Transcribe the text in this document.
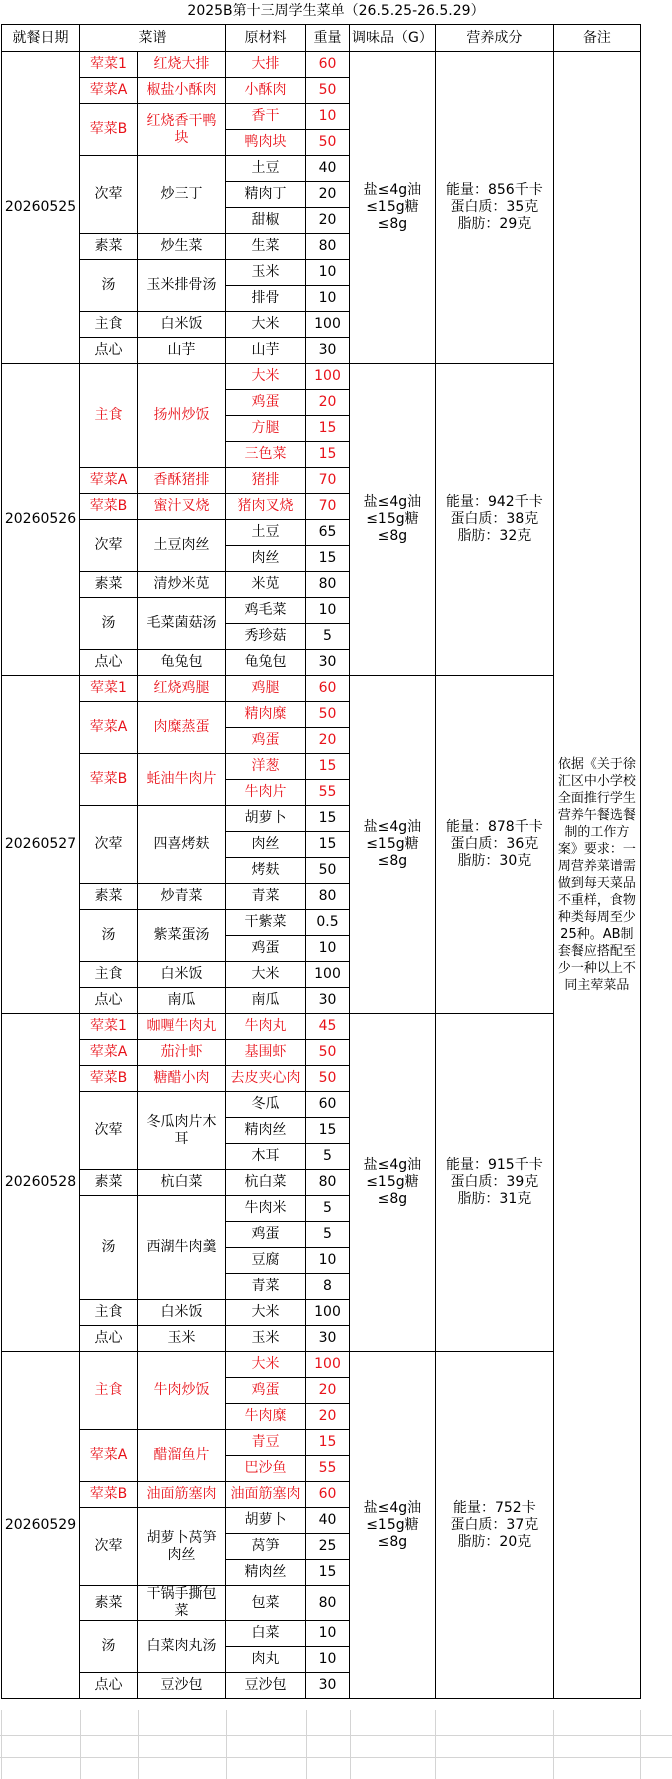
2025B第十三周学生菜单（26.5.25-26.5.29）
就餐日期	菜谱		原材料	重量	调味品（G）	营养成分	备注
20260525	荤菜1	红烧大排	大排	60	盐≤4g油≤15g糖≤8g	能量：856千卡
蛋白质：35克
脂肪：29克	依据《关于徐汇区中小学校全面推行学生营养午餐选餐制的工作方案》要求：一周营养菜谱需做到每天菜品不重样，食物种类每周至少25种。AB制套餐应搭配至少一种以上不同主荤菜品
	荤菜A	椒盐小酥肉	小酥肉	50			
	荤菜B	红烧香干鸭块	香干	10			
			鸭肉块	50			
	次荤	炒三丁	土豆	40			
			精肉丁	20			
			甜椒	20			
	素菜	炒生菜	生菜	80			
	汤	玉米排骨汤	玉米	10			
			排骨	10			
	主食	白米饭	大米	100			
	点心	山芋	山芋	30			
20260526	主食	扬州炒饭	大米	100	盐≤4g油≤15g糖≤8g	能量：942千卡
蛋白质：38克
脂肪：32克	

			鸡蛋	20			
			方腿	15			
			三色菜	15			
	荤菜A	香酥猪排	猪排	70			
	荤菜B	蜜汁叉烧	猪肉叉烧	70			
	次荤	土豆肉丝	土豆	65			
			肉丝	15			
	素菜	清炒米苋	米苋	80			
	汤	毛菜菌菇汤	鸡毛菜	10			
			秀珍菇	5			
	点心	龟兔包	龟兔包	30			
20260527	荤菜1	红烧鸡腿	鸡腿	60	盐≤4g油≤15g糖≤8g	能量：878千卡
蛋白质：36克
脂肪：30克	

	荤菜A	肉糜蒸蛋	精肉糜	50			
			鸡蛋	20			
	荤菜B	蚝油牛肉片	洋葱	15			
			牛肉片	55			
	次荤	四喜烤麸	胡萝卜	15			
			肉丝	15			
			烤麸	50			
	素菜	炒青菜	青菜	80			
	汤	紫菜蛋汤	干紫菜	0.5			
			鸡蛋	10			
	主食	白米饭	大米	100			
	点心	南瓜	南瓜	30			
20260528	荤菜1	咖喱牛肉丸	牛肉丸	45	盐≤4g油≤15g糖≤8g	能量：915千卡
蛋白质：39克
脂肪：31克	

	荤菜A	茄汁虾	基围虾	50			
	荤菜B	糖醋小肉	去皮夹心肉	50			
	次荤	冬瓜肉片木耳	冬瓜	60			
			精肉丝	15			
			木耳	5			
	素菜	杭白菜	杭白菜	80			
	汤	西湖牛肉羹	牛肉米	5			
			鸡蛋	5			
			豆腐	10			
			青菜	8			
	主食	白米饭	大米	100			
	点心	玉米	玉米	30			
20260529	主食	牛肉炒饭	大米	100	盐≤4g油≤15g糖≤8g	能量：752卡
蛋白质：37克
脂肪：20克	

			鸡蛋	20			
			牛肉糜	20			
	荤菜A	醋溜鱼片	青豆	15			
			巴沙鱼	55			
	荤菜B	油面筋塞肉	油面筋塞肉	60			
	次荤	胡萝卜莴笋肉丝	胡萝卜	40			
			莴笋	25			
			精肉丝	15			
	素菜	干锅手撕包菜	包菜	80			
	汤	白菜肉丸汤	白菜	10			
			肉丸	10			
	点心	豆沙包	豆沙包	30			
